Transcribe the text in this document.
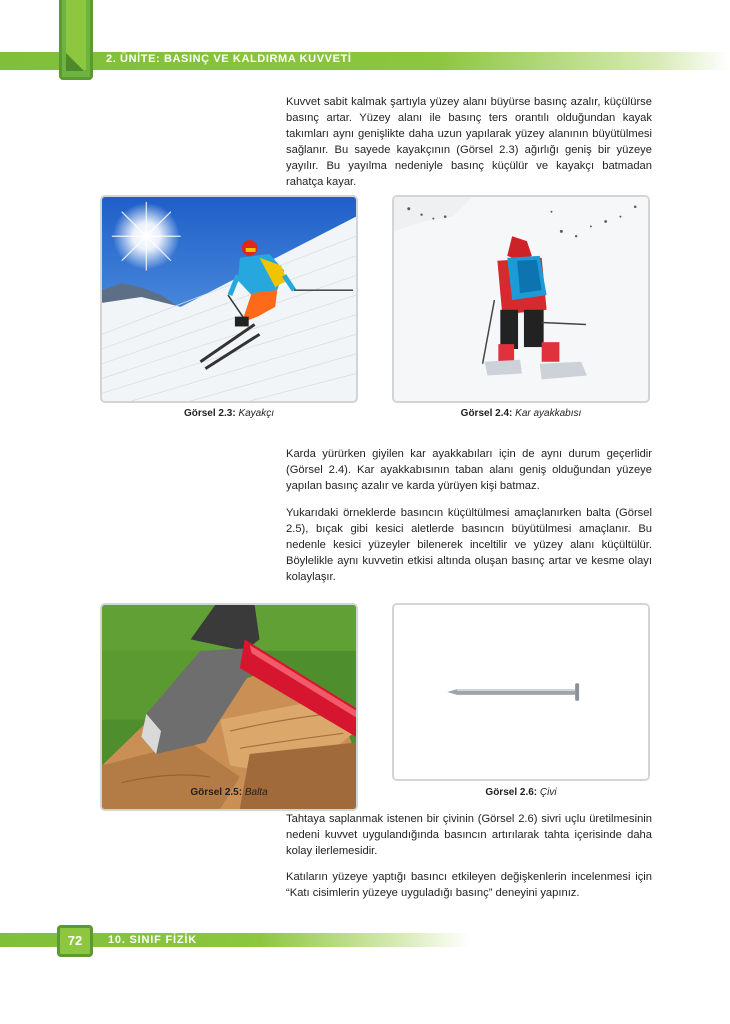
2. ÜNİTE: BASINÇ VE KALDIRMA KUVVETİ

Kuvvet sabit kalmak şartıyla yüzey alanı büyürse basınç azalır, küçülürse basınç artar. Yüzey alanı ile basınç ters orantılı olduğundan kayak takımları aynı genişlikte daha uzun yapılarak yüzey alanının büyütülmesi sağlanır. Bu sayede kayakçının (Görsel 2.3) ağırlığı geniş bir yüzeye yayılır. Bu yayılma nedeniyle basınç küçülür ve kayakçı batmadan rahatça kayar.

Görsel 2.3: Kayakçı	Görsel 2.4: Kar ayakkabısı

Karda yürürken giyilen kar ayakkabıları için de aynı durum geçerlidir (Görsel 2.4). Kar ayakkabısının taban alanı geniş olduğundan yüzeye yapılan basınç azalır ve karda yürüyen kişi batmaz.

Yukarıdaki örneklerde basıncın küçültülmesi amaçlanırken balta (Görsel 2.5), bıçak gibi kesici aletlerde basıncın büyütülmesi amaçlanır. Bu nedenle kesici yüzeyler bilenerek inceltilir ve yüzey alanı küçültülür. Böylelikle aynı kuvvetin etkisi altında oluşan basınç artar ve kesme olayı kolaylaşır.

Görsel 2.5: Balta	Görsel 2.6: Çivi

Tahtaya saplanmak istenen bir çivinin (Görsel 2.6) sivri uçlu üretilmesinin nedeni kuvvet uygulandığında basıncın artırılarak tahta içerisinde daha kolay ilerlemesidir.

Katıların yüzeye yaptığı basıncı etkileyen değişkenlerin incelenmesi için “Katı cisimlerin yüzeye uyguladığı basınç” deneyini yapınız.

72	10. SINIF FİZİK
